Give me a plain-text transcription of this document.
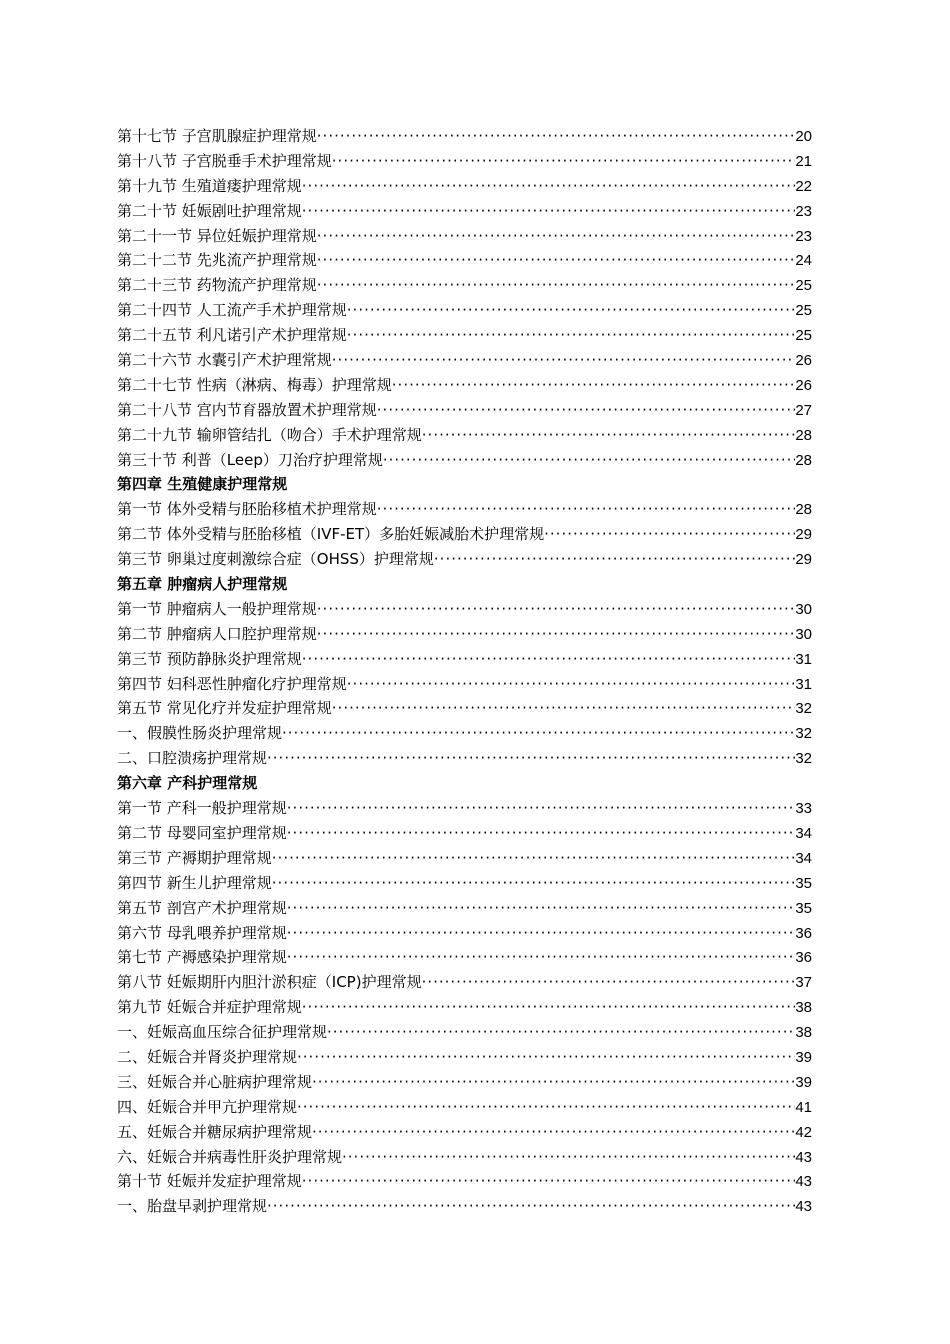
第十七节 子宫肌腺症护理常规 ·····	20
第十八节 子宫脱垂手术护理常规 ·····	21
第十九节 生殖道瘘护理常规 ·····	22
第二十节 妊娠剧吐护理常规 ·····	23
第二十一节 异位妊娠护理常规 ·····	23
第二十二节 先兆流产护理常规 ·····	24
第二十三节 药物流产护理常规 ·····	25
第二十四节 人工流产手术护理常规 ·····	25
第二十五节 利凡诺引产术护理常规 ·····	25
第二十六节 水囊引产术护理常规 ·····	26
第二十七节 性病（淋病、梅毒）护理常规 ·····	26
第二十八节 宫内节育器放置术护理常规 ·····	27
第二十九节 输卵管结扎（吻合）手术护理常规 ·····	28
第三十节 利普（Leep）刀治疗护理常规 ·····	28
第四章 生殖健康护理常规
第一节 体外受精与胚胎移植术护理常规 ·····	28
第二节 体外受精与胚胎移植（IVF-ET）多胎妊娠减胎术护理常规 ·····	29
第三节 卵巢过度刺激综合症（OHSS）护理常规 ·····	29
第五章 肿瘤病人护理常规
第一节 肿瘤病人一般护理常规 ·····	30
第二节 肿瘤病人口腔护理常规 ·····	30
第三节 预防静脉炎护理常规 ·····	31
第四节 妇科恶性肿瘤化疗护理常规 ·····	31
第五节 常见化疗并发症护理常规 ·····	32
一、假膜性肠炎护理常规 ·····	32
二、口腔溃疡护理常规 ·····	32
第六章 产科护理常规
第一节 产科一般护理常规 ·····	33
第二节 母婴同室护理常规 ·····	34
第三节 产褥期护理常规 ·····	34
第四节 新生儿护理常规 ·····	35
第五节 剖宫产术护理常规 ·····	35
第六节 母乳喂养护理常规 ·····	36
第七节 产褥感染护理常规 ·····	36
第八节 妊娠期肝内胆汁淤积症（ICP)护理常规 ·····	37
第九节 妊娠合并症护理常规 ·····	38
一、妊娠高血压综合征护理常规 ·····	38
二、妊娠合并肾炎护理常规 ·····	39
三、妊娠合并心脏病护理常规 ·····	39
四、妊娠合并甲亢护理常规 ·····	41
五、妊娠合并糖尿病护理常规 ·····	42
六、妊娠合并病毒性肝炎护理常规 ·····	43
第十节 妊娠并发症护理常规 ·····	43
一、胎盘早剥护理常规 ·····	43
